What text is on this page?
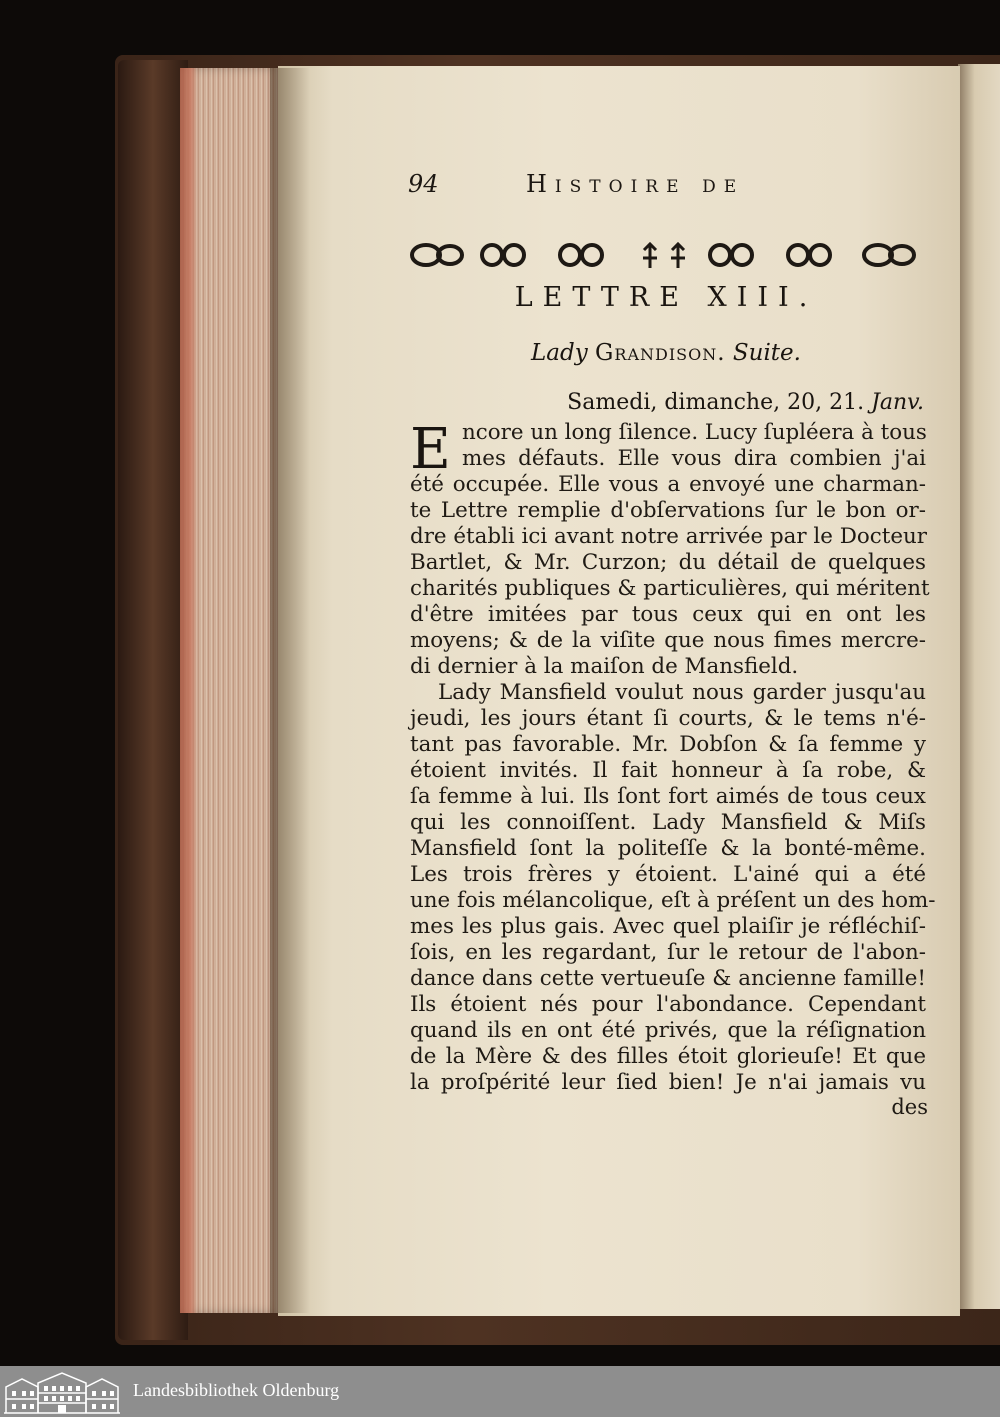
94	Histoire de
LETTRE XIII.
Lady Grandison. Suite.
Samedi, dimanche, 20, 21. Janv.
E ncore un long ſilence. Lucy ſupléera à tous
mes défauts. Elle vous dira combien j'ai
été occupée. Elle vous a envoyé une charman-
te Lettre remplie d'obſervations ſur le bon or-
dre établi ici avant notre arrivée par le Docteur
Bartlet, & Mr. Curzon; du détail de quelques
charités publiques & particulières, qui méritent
d'être imitées par tous ceux qui en ont les
moyens; & de la viſite que nous fimes mercre-
di dernier à la maiſon de Mansfield.
Lady Mansfield voulut nous garder jusqu'au
jeudi, les jours étant ſi courts, & le tems n'é-
tant pas favorable. Mr. Dobſon & ſa femme y
étoient invités. Il fait honneur à ſa robe, &
ſa femme à lui. Ils ſont fort aimés de tous ceux
qui les connoiſſent. Lady Mansfield & Miſs
Mansfield ſont la politeſſe & la bonté-même.
Les trois frères y étoient. L'ainé qui a été
une fois mélancolique, eſt à préſent un des hom-
mes les plus gais. Avec quel plaiſir je réfléchiſ-
ſois, en les regardant, ſur le retour de l'abon-
dance dans cette vertueuſe & ancienne famille!
Ils étoient nés pour l'abondance. Cependant
quand ils en ont été privés, que la réſignation
de la Mère & des filles étoit glorieuſe! Et que
la proſpérité leur ſied bien! Je n'ai jamais vu
des
Landesbibliothek Oldenburg
